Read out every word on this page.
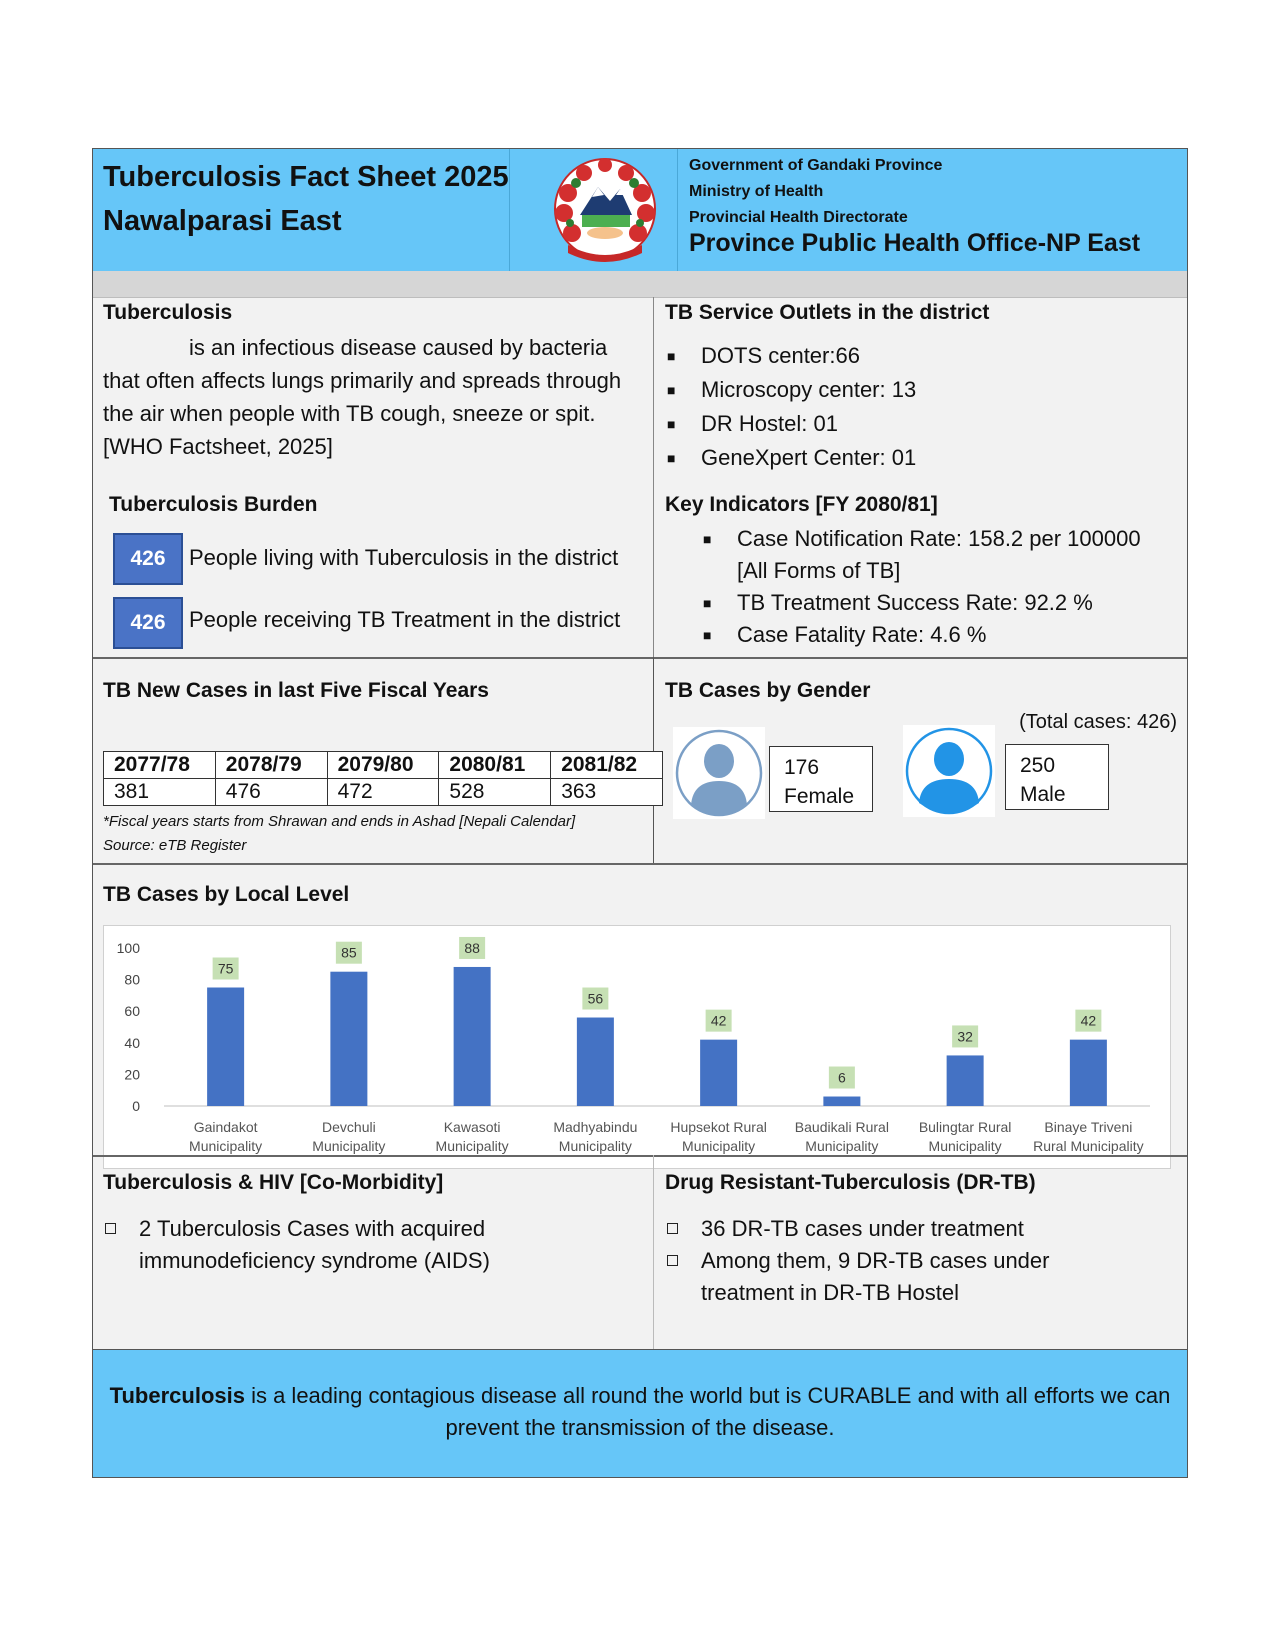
Tuberculosis Fact Sheet 2025
Nawalparasi East
Government of Gandaki Province
Ministry of Health
Provincial Health Directorate
Province Public Health Office-NP East
Tuberculosis
is an infectious disease caused by bacteria that often affects lungs primarily and spreads through the air when people with TB cough, sneeze or spit. [WHO Factsheet, 2025]
TB Service Outlets in the district
■ DOTS center:66
■ Microscopy center: 13
■ DR Hostel: 01
■ GeneXpert Center: 01
Tuberculosis Burden
426	People living with Tuberculosis in the district
426	People receiving TB Treatment in the district
Key Indicators [FY 2080/81]
■ Case Notification Rate: 158.2 per 100000 [All Forms of TB]
■ TB Treatment Success Rate: 92.2 %
■ Case Fatality Rate: 4.6 %
TB New Cases in last Five Fiscal Years
2077/78	2078/79	2079/80	2080/81	2081/82
381	476	472	528	363
*Fiscal years starts from Shrawan and ends in Ashad [Nepali Calendar]
Source: eTB Register
TB Cases by Gender
(Total cases: 426)
176
Female
250
Male
TB Cases by Local Level
0
20
40
60
80
100
75
Gaindakot
Municipality
85
Devchuli
Municipality
88
Kawasoti
Municipality
56
Madhyabindu
Municipality
42
Hupsekot Rural
Municipality
6
Baudikali Rural
Municipality
32
Bulingtar Rural
Municipality
42
Binaye Triveni
Rural Municipality
Tuberculosis & HIV [Co-Morbidity]
2 Tuberculosis Cases with acquired immunodeficiency syndrome (AIDS)
Drug Resistant-Tuberculosis (DR-TB)
36 DR-TB cases under treatment
Among them, 9 DR-TB cases under treatment in DR-TB Hostel
Tuberculosis is a leading contagious disease all round the world but is CURABLE and with all efforts we can prevent the transmission of the disease.
